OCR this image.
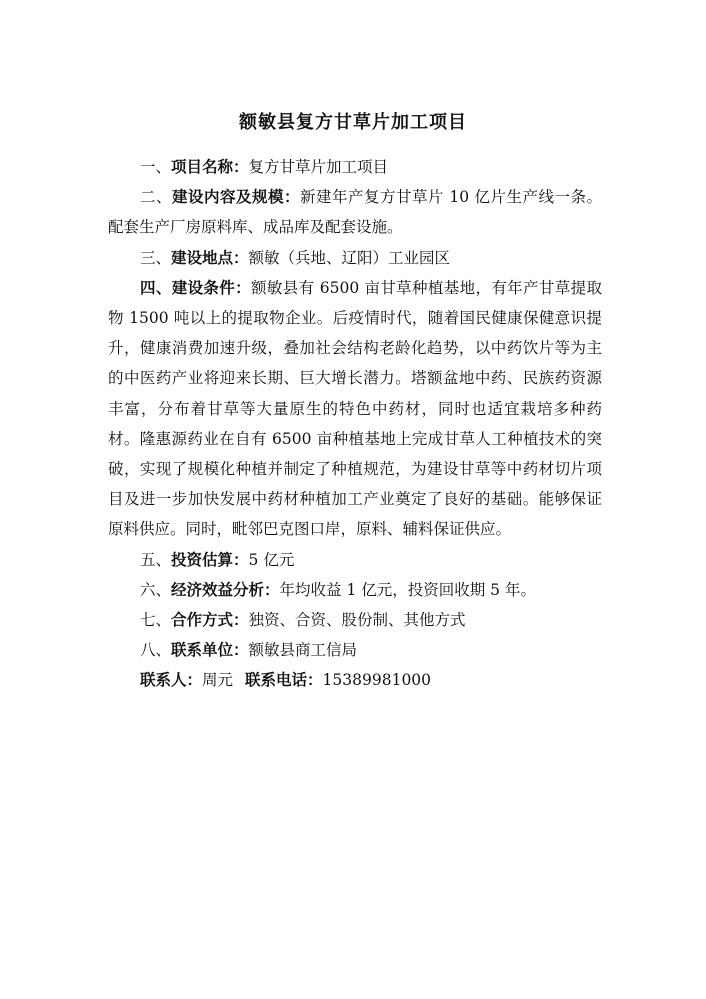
额敏县复方甘草片加工项目

一、项目名称：复方甘草片加工项目

二、建设内容及规模：新建年产复方甘草片 10 亿片生产线一条。配套生产厂房原料库、成品库及配套设施。

三、建设地点：额敏（兵地、辽阳）工业园区

四、建设条件：额敏县有 6500 亩甘草种植基地，有年产甘草提取物 1500 吨以上的提取物企业。后疫情时代，随着国民健康保健意识提升，健康消费加速升级，叠加社会结构老龄化趋势，以中药饮片等为主的中医药产业将迎来长期、巨大增长潜力。塔额盆地中药、民族药资源丰富，分布着甘草等大量原生的特色中药材，同时也适宜栽培多种药材。隆惠源药业在自有 6500 亩种植基地上完成甘草人工种植技术的突破，实现了规模化种植并制定了种植规范，为建设甘草等中药材切片项目及进一步加快发展中药材种植加工产业奠定了良好的基础。能够保证原料供应。同时，毗邻巴克图口岸，原料、辅料保证供应。

五、投资估算：5 亿元

六、经济效益分析：年均收益 1 亿元，投资回收期 5 年。

七、合作方式：独资、合资、股份制、其他方式

八、联系单位：额敏县商工信局

联系人：周元 联系电话：15389981000
